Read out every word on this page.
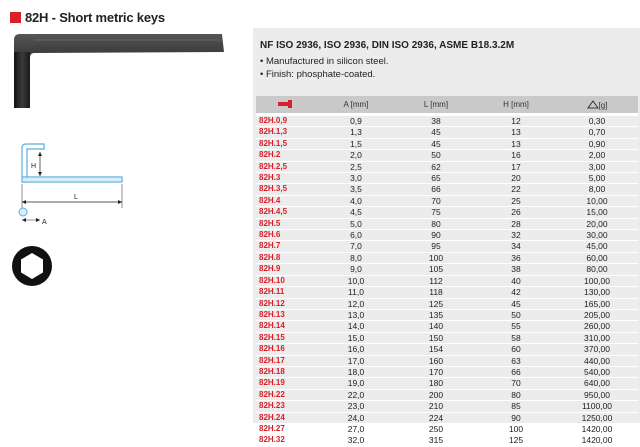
82H - Short metric keys
H
L
A
NF ISO 2936, ISO 2936, DIN ISO 2936, ASME B18.3.2M
• Manufactured in silicon steel.
• Finish: phosphate-coated.
	A [mm]	L [mm]	H [mm]	[g]
82H.0,9	0,9	38	12	0,30
82H.1,3	1,3	45	13	0,70
82H.1,5	1,5	45	13	0,90
82H.2	2,0	50	16	2,00
82H.2,5	2,5	62	17	3,00
82H.3	3,0	65	20	5,00
82H.3,5	3,5	66	22	8,00
82H.4	4,0	70	25	10,00
82H.4,5	4,5	75	26	15,00
82H.5	5,0	80	28	20,00
82H.6	6,0	90	32	30,00
82H.7	7,0	95	34	45,00
82H.8	8,0	100	36	60,00
82H.9	9,0	105	38	80,00
82H.10	10,0	112	40	100,00
82H.11	11,0	118	42	130,00
82H.12	12,0	125	45	165,00
82H.13	13,0	135	50	205,00
82H.14	14,0	140	55	260,00
82H.15	15,0	150	58	310,00
82H.16	16,0	154	60	370,00
82H.17	17,0	160	63	440,00
82H.18	18,0	170	66	540,00
82H.19	19,0	180	70	640,00
82H.22	22,0	200	80	950,00
82H.23	23,0	210	85	1100,00
82H.24	24,0	224	90	1250,00
82H.27	27,0	250	100	1420,00
82H.32	32,0	315	125	1420,00
